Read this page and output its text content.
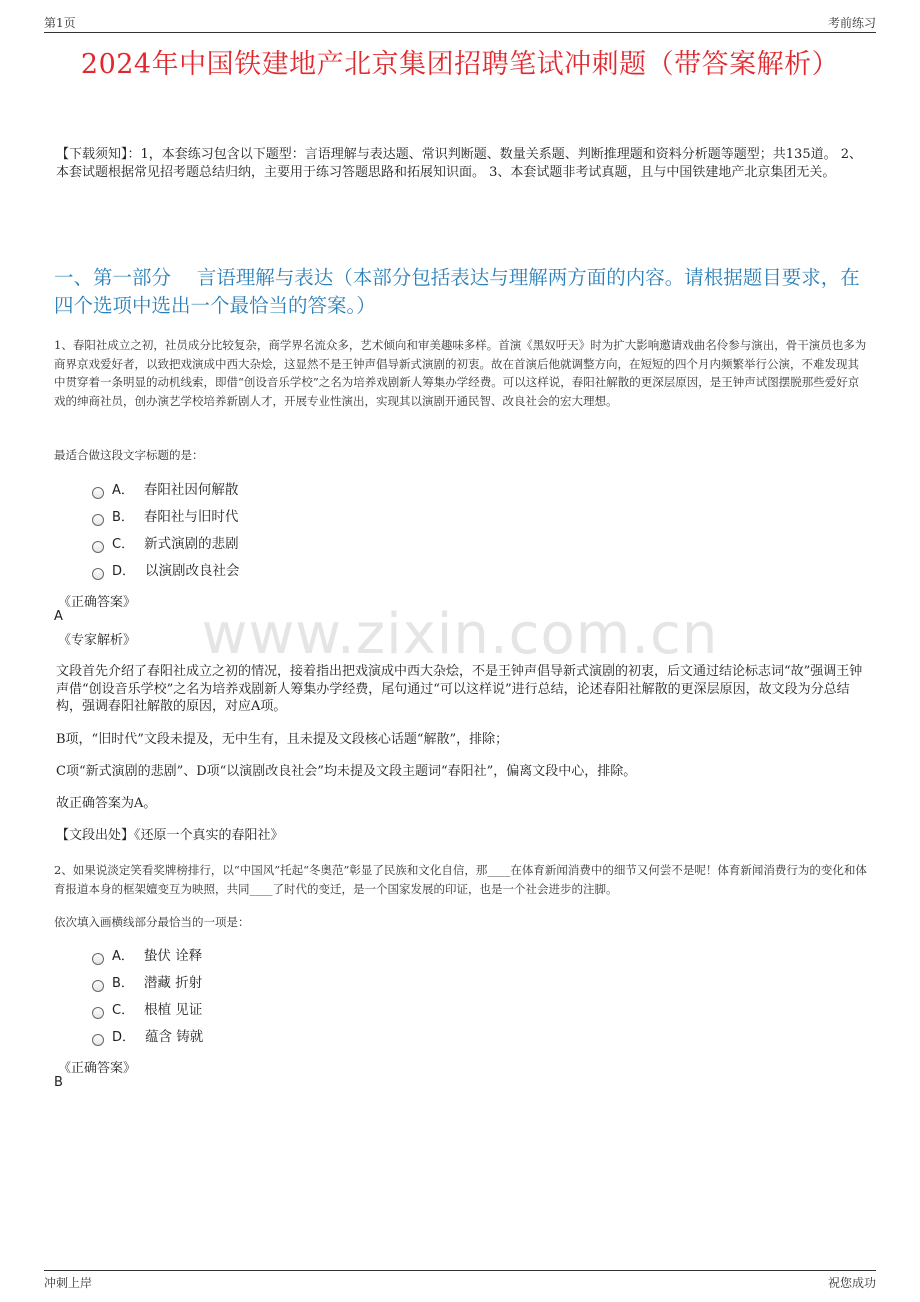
第1页	考前练习
2024年中国铁建地产北京集团招聘笔试冲刺题（带答案解析）
【下载须知】：1，本套练习包含以下题型：言语理解与表达题、常识判断题、数量关系题、判断推理题和资料分析题等题型；共135道。 2、本套试题根据常见招考题总结归纳，主要用于练习答题思路和拓展知识面。 3、本套试题非考试真题，且与中国铁建地产北京集团无关。
一、第一部分　 言语理解与表达（本部分包括表达与理解两方面的内容。请根据题目要求，在四个选项中选出一个最恰当的答案。）
1、春阳社成立之初，社员成分比较复杂，商学界名流众多，艺术倾向和审美趣味多样。首演《黑奴吁天》时为扩大影响邀请戏曲名伶参与演出，骨干演员也多为商界京戏爱好者，以致把戏演成中西大杂烩，这显然不是王钟声倡导新式演剧的初衷。故在首演后他就调整方向，在短短的四个月内频繁举行公演，不难发现其中贯穿着一条明显的动机线索，即借“创设音乐学校”之名为培养戏剧新人筹集办学经费。可以这样说，春阳社解散的更深层原因，是王钟声试图摆脱那些爱好京戏的绅商社员，创办演艺学校培养新剧人才，开展专业性演出，实现其以演剧开通民智、改良社会的宏大理想。
最适合做这段文字标题的是：
A． 春阳社因何解散
B． 春阳社与旧时代
C． 新式演剧的悲剧
D． 以演剧改良社会
《正确答案》
A
《专家解析》	www.zixin.com.cn
文段首先介绍了春阳社成立之初的情况，接着指出把戏演成中西大杂烩，不是王钟声倡导新式演剧的初衷，后文通过结论标志词“故”强调王钟声借“创设音乐学校”之名为培养戏剧新人筹集办学经费，尾句通过“可以这样说”进行总结，论述春阳社解散的更深层原因，故文段为分总结构，强调春阳社解散的原因，对应A项。
B项，“旧时代”文段未提及，无中生有，且未提及文段核心话题“解散”，排除；
C项“新式演剧的悲剧”、D项“以演剧改良社会”均未提及文段主题词“春阳社”，偏离文段中心，排除。
故正确答案为A。
【文段出处】《还原一个真实的春阳社》
2、如果说淡定笑看奖牌榜排行，以“中国风”托起“冬奥范”彰显了民族和文化自信，那____在体育新闻消费中的细节又何尝不是呢！体育新闻消费行为的变化和体育报道本身的框架嬗变互为映照，共同____了时代的变迁，是一个国家发展的印证，也是一个社会进步的注脚。
依次填入画横线部分最恰当的一项是：
A． 蛰伏 诠释
B． 潜藏 折射
C． 根植 见证
D． 蕴含 铸就
《正确答案》
B
冲刺上岸	祝您成功
